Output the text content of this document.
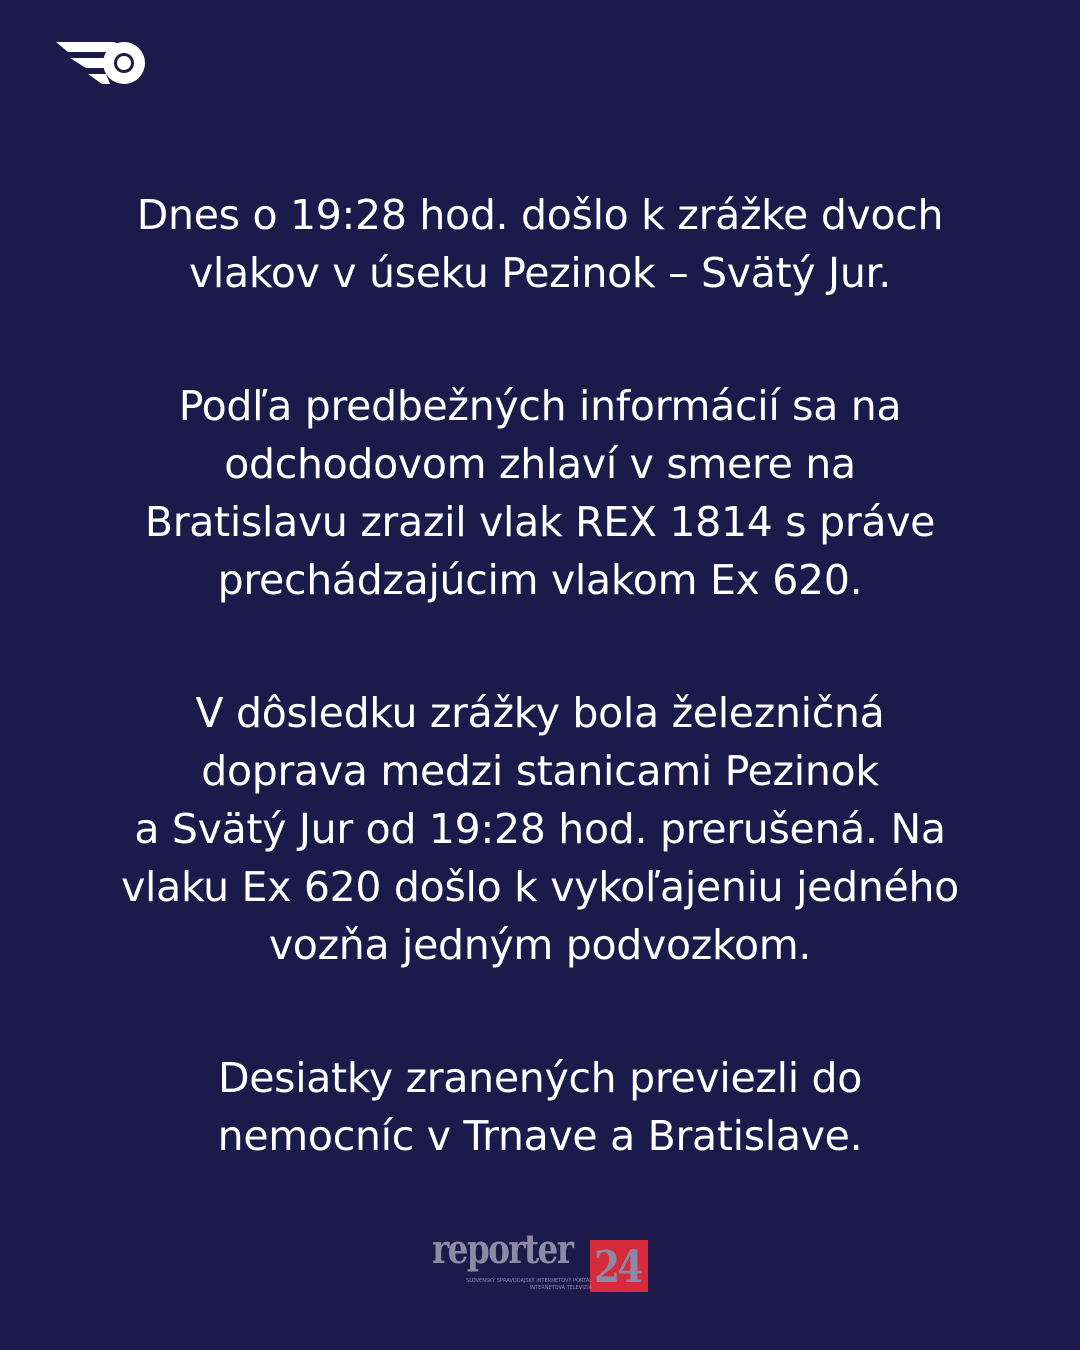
Dnes o 19:28 hod. došlo k zrážke dvoch
vlakov v úseku Pezinok – Svätý Jur.

Podľa predbežných informácií sa na
odchodovom zhlaví v smere na
Bratislavu zrazil vlak REX 1814 s práve
prechádzajúcim vlakom Ex 620.

V dôsledku zrážky bola železničná
doprava medzi stanicami Pezinok
a Svätý Jur od 19:28 hod. prerušená. Na
vlaku Ex 620 došlo k vykoľajeniu jedného
vozňa jedným podvozkom.

Desiatky zranených previezli do
nemocníc v Trnave a Bratislave.

reporter 24
SLOVENSKÝ SPRAVODAJSKÝ INTERNETOVÝ PORTÁL
INTERNETOVÁ TELEVÍZIA
